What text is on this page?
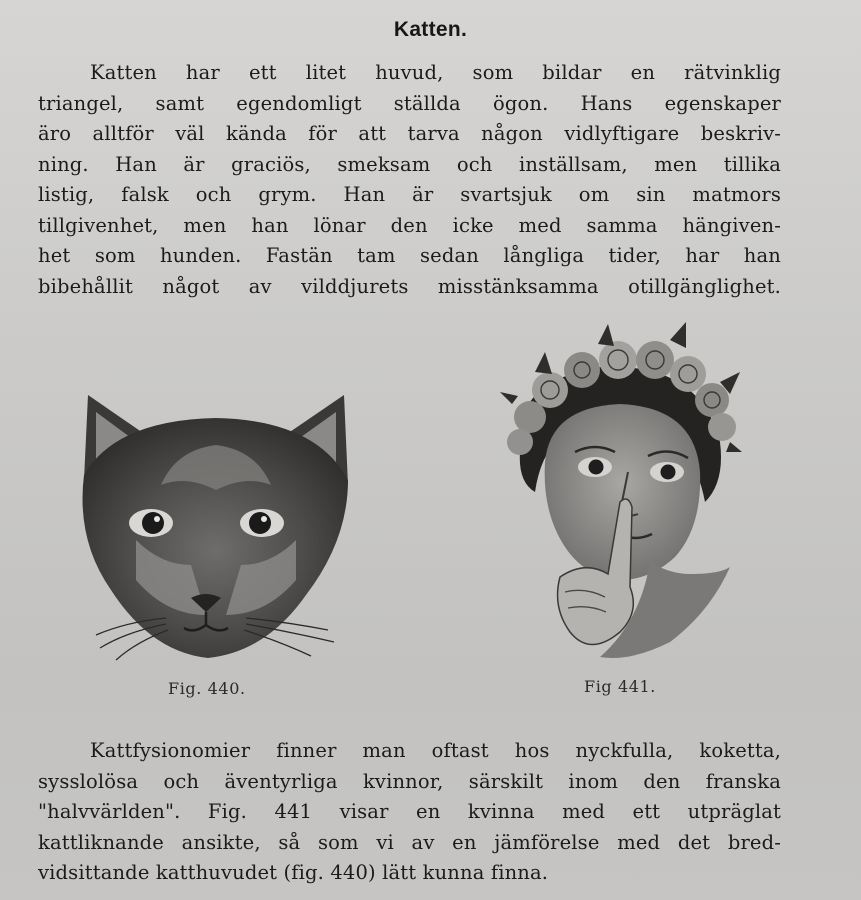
Katten.
Katten har ett litet huvud, som bildar en rätvinklig
triangel, samt egendomligt ställda ögon. Hans egenskaper
äro alltför väl kända för att tarva någon vidlyftigare beskriv-
ning. Han är graciös, smeksam och inställsam, men tillika
listig, falsk och grym. Han är svartsjuk om sin matmors
tillgivenhet, men han lönar den icke med samma hängiven-
het som hunden. Fastän tam sedan långliga tider, har han
bibehållit något av vilddjurets misstänksamma otillgänglighet.
Fig. 440.	Fig 441.
Kattfysionomier finner man oftast hos nyckfulla, koketta,
sysslolösa och äventyrliga kvinnor, särskilt inom den franska
"halvvärlden". Fig. 441 visar en kvinna med ett utpräglat
kattliknande ansikte, så som vi av en jämförelse med det bred-
vidsittande katthuvudet (fig. 440) lätt kunna finna.
